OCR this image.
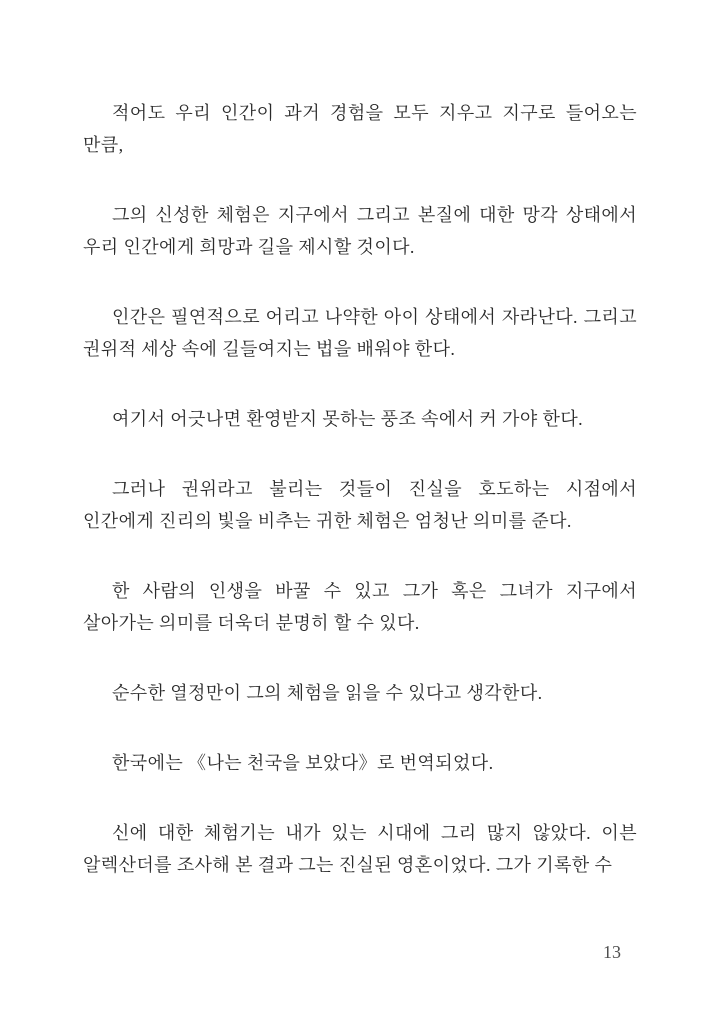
적어도 우리 인간이 과거 경험을 모두 지우고 지구로 들어오는 만큼,

그의 신성한 체험은 지구에서 그리고 본질에 대한 망각 상태에서 우리 인간에게 희망과 길을 제시할 것이다.

인간은 필연적으로 어리고 나약한 아이 상태에서 자라난다. 그리고 권위적 세상 속에 길들여지는 법을 배워야 한다.

여기서 어긋나면 환영받지 못하는 풍조 속에서 커 가야 한다.

그러나 권위라고 불리는 것들이 진실을 호도하는 시점에서 인간에게 진리의 빛을 비추는 귀한 체험은 엄청난 의미를 준다.

한 사람의 인생을 바꿀 수 있고 그가 혹은 그녀가 지구에서 살아가는 의미를 더욱더 분명히 할 수 있다.

순수한 열정만이 그의 체험을 읽을 수 있다고 생각한다.

한국에는 《나는 천국을 보았다》로 번역되었다.

신에 대한 체험기는 내가 있는 시대에 그리 많지 않았다. 이븐 알렉산더를 조사해 본 결과 그는 진실된 영혼이었다. 그가 기록한 수

13
